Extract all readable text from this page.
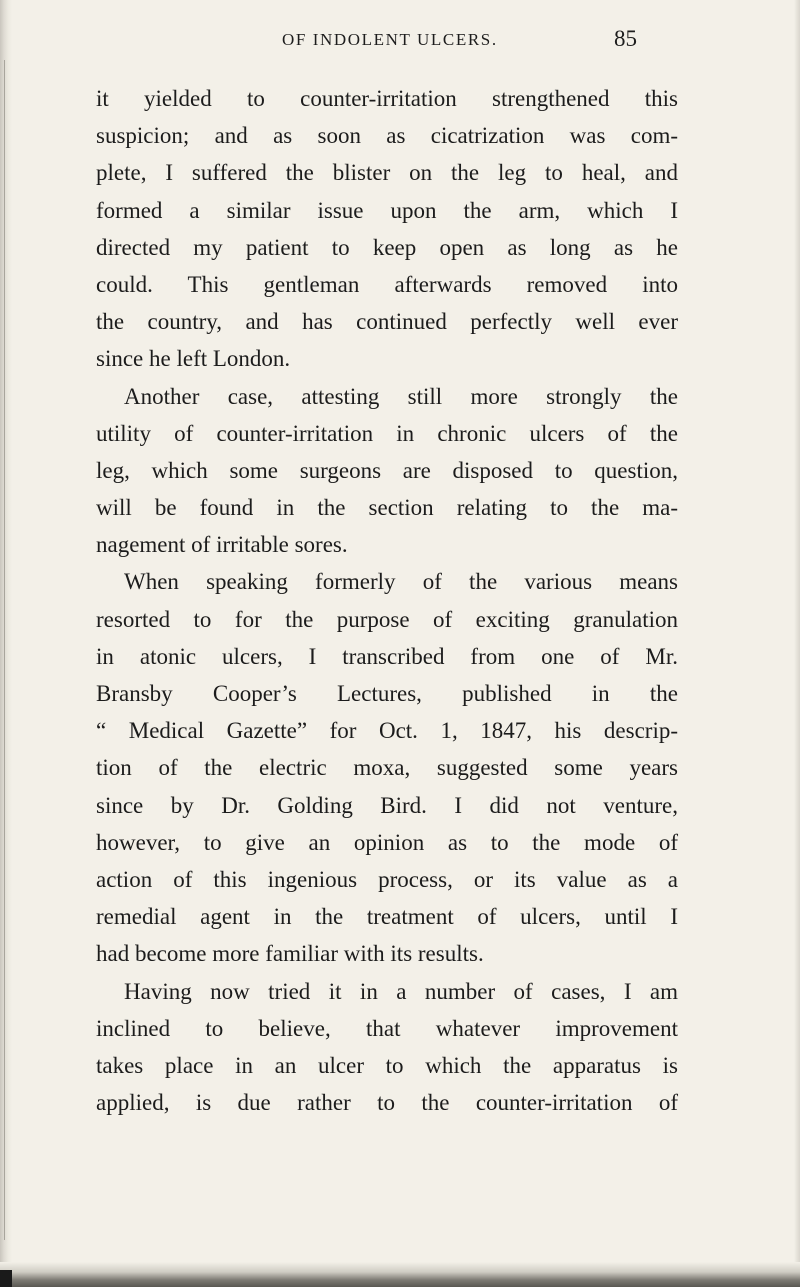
OF INDOLENT ULCERS.	85
it yielded to counter-irritation strengthened this
suspicion; and as soon as cicatrization was com-
plete, I suffered the blister on the leg to heal, and
formed a similar issue upon the arm, which I
directed my patient to keep open as long as he
could. This gentleman afterwards removed into
the country, and has continued perfectly well ever
since he left London.
Another case, attesting still more strongly the
utility of counter-irritation in chronic ulcers of the
leg, which some surgeons are disposed to question,
will be found in the section relating to the ma-
nagement of irritable sores.
When speaking formerly of the various means
resorted to for the purpose of exciting granulation
in atonic ulcers, I transcribed from one of Mr.
Bransby Cooper’s Lectures, published in the
“ Medical Gazette” for Oct. 1, 1847, his descrip-
tion of the electric moxa, suggested some years
since by Dr. Golding Bird. I did not venture,
however, to give an opinion as to the mode of
action of this ingenious process, or its value as a
remedial agent in the treatment of ulcers, until I
had become more familiar with its results.
Having now tried it in a number of cases, I am
inclined to believe, that whatever improvement
takes place in an ulcer to which the apparatus is
applied, is due rather to the counter-irritation of
